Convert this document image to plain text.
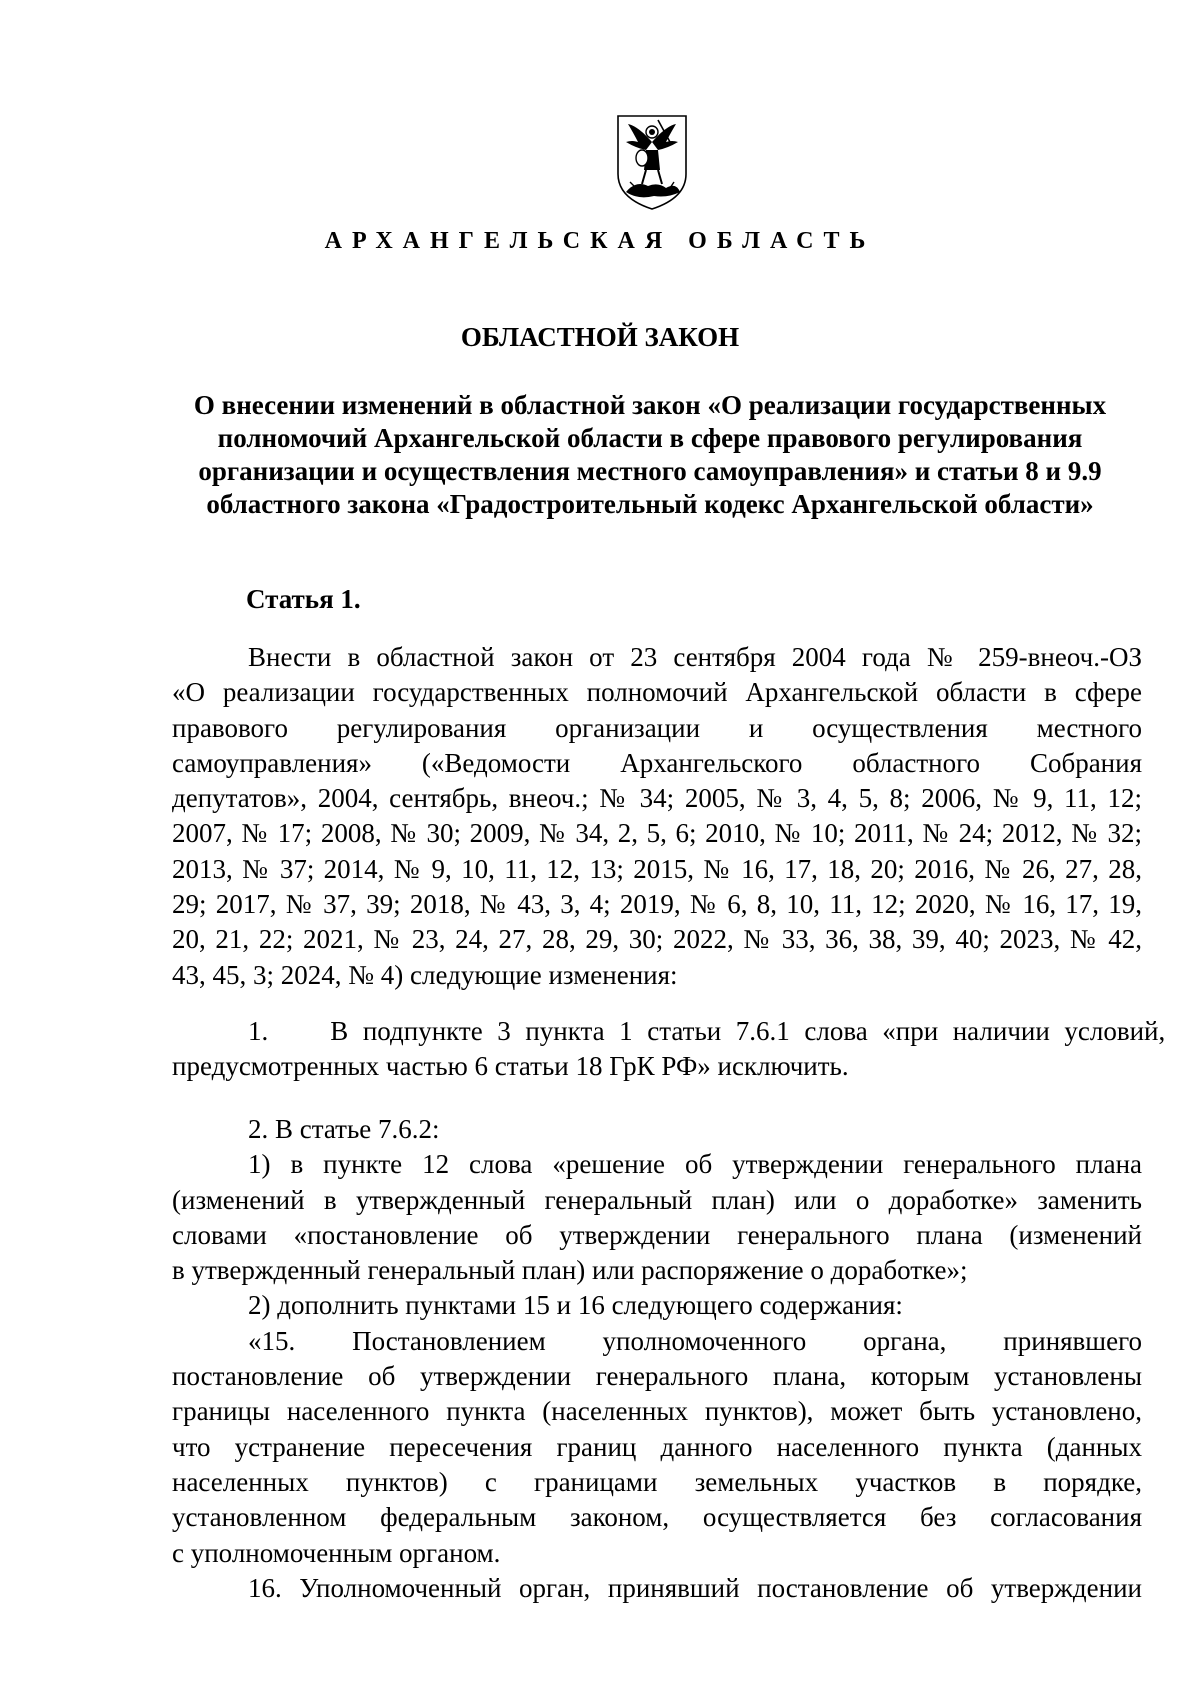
АРХАНГЕЛЬСКАЯ ОБЛАСТЬ
ОБЛАСТНОЙ ЗАКОН
О внесении изменений в областной закон «О реализации государственных
полномочий Архангельской области в сфере правового регулирования
организации и осуществления местного самоуправления» и статьи 8 и 9.9
областного закона «Градостроительный кодекс Архангельской области»
Статья 1.
Внести в областной закон от 23 сентября 2004 года № 259-внеоч.-ОЗ
«О реализации государственных полномочий Архангельской области в сфере
правового регулирования организации и осуществления местного
самоуправления» («Ведомости Архангельского областного Собрания
депутатов», 2004, сентябрь, внеоч.; № 34; 2005, № 3, 4, 5, 8; 2006, № 9, 11, 12;
2007, № 17; 2008, № 30; 2009, № 34, 2, 5, 6; 2010, № 10; 2011, № 24; 2012, № 32;
2013, № 37; 2014, № 9, 10, 11, 12, 13; 2015, № 16, 17, 18, 20; 2016, № 26, 27, 28,
29; 2017, № 37, 39; 2018, № 43, 3, 4; 2019, № 6, 8, 10, 11, 12; 2020, № 16, 17, 19,
20, 21, 22; 2021, № 23, 24, 27, 28, 29, 30; 2022, № 33, 36, 38, 39, 40; 2023, № 42,
43, 45, 3; 2024, № 4) следующие изменения:
1. В подпункте 3 пункта 1 статьи 7.6.1 слова «при наличии условий,
предусмотренных частью 6 статьи 18 ГрК РФ» исключить.
2. В статье 7.6.2:
1) в пункте 12 слова «решение об утверждении генерального плана
(изменений в утвержденный генеральный план) или о доработке» заменить
словами «постановление об утверждении генерального плана (изменений
в утвержденный генеральный план) или распоряжение о доработке»;
2) дополнить пунктами 15 и 16 следующего содержания:
«15. Постановлением уполномоченного органа, принявшего
постановление об утверждении генерального плана, которым установлены
границы населенного пункта (населенных пунктов), может быть установлено,
что устранение пересечения границ данного населенного пункта (данных
населенных пунктов) с границами земельных участков в порядке,
установленном федеральным законом, осуществляется без согласования
с уполномоченным органом.
16. Уполномоченный орган, принявший постановление об утверждении
